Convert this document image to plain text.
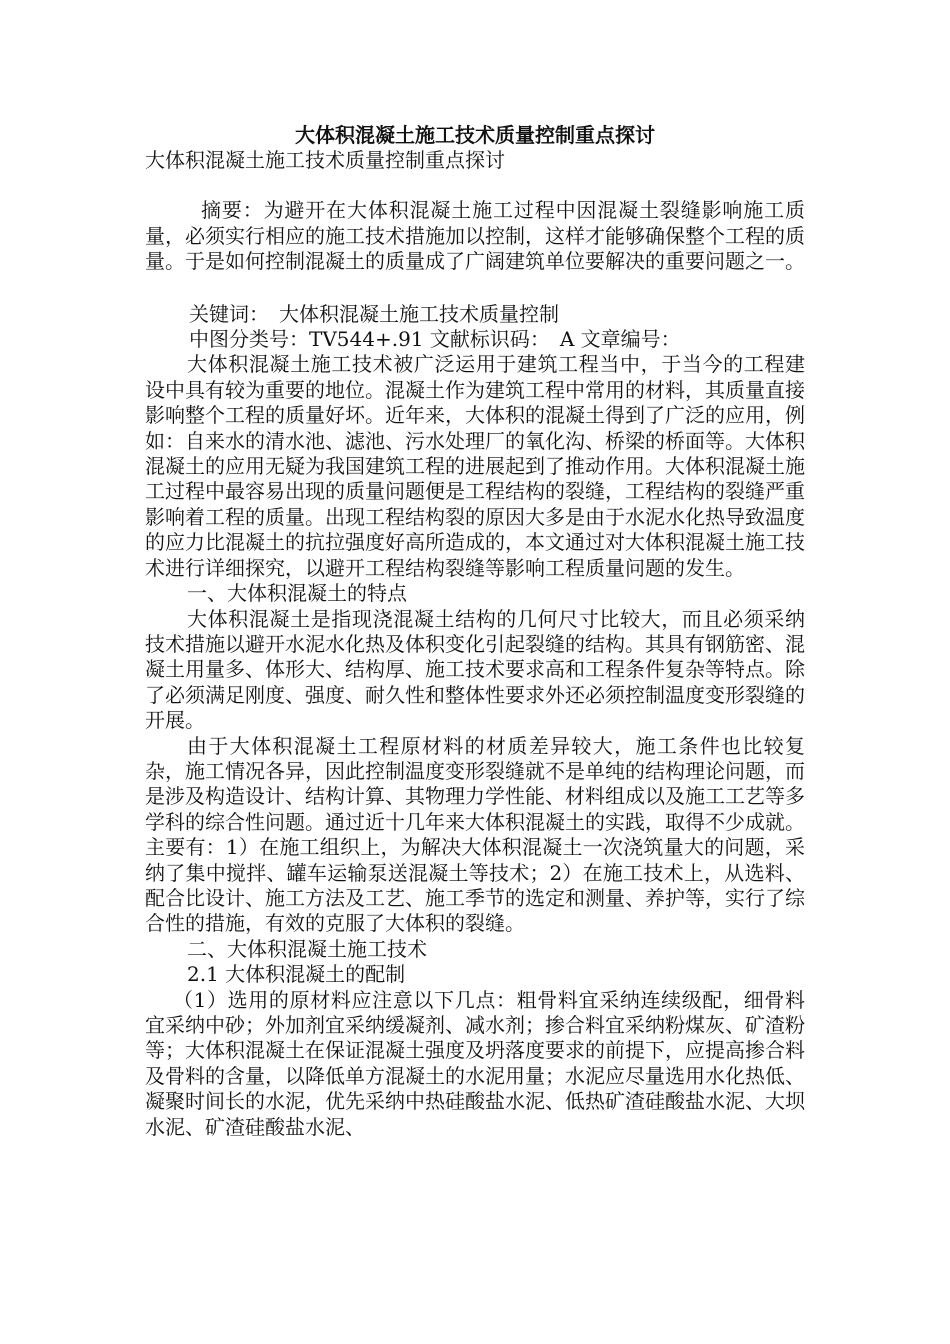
大体积混凝土施工技术质量控制重点探讨
大体积混凝土施工技术质量控制重点探讨

摘要：为避开在大体积混凝土施工过程中因混凝土裂缝影响施工质量，必须实行相应的施工技术措施加以控制，这样才能够确保整个工程的质量。于是如何控制混凝土的质量成了广阔建筑单位要解决的重要问题之一。

关键词：　大体积混凝土施工技术质量控制
中图分类号：TV544+.91 文献标识码：　A 文章编号：

大体积混凝土施工技术被广泛运用于建筑工程当中，于当今的工程建设中具有较为重要的地位。混凝土作为建筑工程中常用的材料，其质量直接影响整个工程的质量好坏。近年来，大体积的混凝土得到了广泛的应用，例如：自来水的清水池、滤池、污水处理厂的氧化沟、桥梁的桥面等。大体积混凝土的应用无疑为我国建筑工程的进展起到了推动作用。大体积混凝土施工过程中最容易出现的质量问题便是工程结构的裂缝，工程结构的裂缝严重影响着工程的质量。出现工程结构裂的原因大多是由于水泥水化热导致温度的应力比混凝土的抗拉强度好高所造成的，本文通过对大体积混凝土施工技术进行详细探究，以避开工程结构裂缝等影响工程质量问题的发生。

一、大体积混凝土的特点

大体积混凝土是指现浇混凝土结构的几何尺寸比较大，而且必须采纳技术措施以避开水泥水化热及体积变化引起裂缝的结构。其具有钢筋密、混凝土用量多、体形大、结构厚、施工技术要求高和工程条件复杂等特点。除了必须满足刚度、强度、耐久性和整体性要求外还必须控制温度变形裂缝的开展。

由于大体积混凝土工程原材料的材质差异较大，施工条件也比较复杂，施工情况各异，因此控制温度变形裂缝就不是单纯的结构理论问题，而是涉及构造设计、结构计算、其物理力学性能、材料组成以及施工工艺等多学科的综合性问题。通过近十几年来大体积混凝土的实践，取得不少成就。主要有：1）在施工组织上，为解决大体积混凝土一次浇筑量大的问题，采纳了集中搅拌、罐车运输泵送混凝土等技术；2）在施工技术上，从选料、配合比设计、施工方法及工艺、施工季节的选定和测量、养护等，实行了综合性的措施，有效的克服了大体积的裂缝。

二、大体积混凝土施工技术

2.1 大体积混凝土的配制

（1）选用的原材料应注意以下几点：粗骨料宜采纳连续级配，细骨料宜采纳中砂；外加剂宜采纳缓凝剂、减水剂；掺合料宜采纳粉煤灰、矿渣粉等；大体积混凝土在保证混凝土强度及坍落度要求的前提下，应提高掺合料及骨料的含量，以降低单方混凝土的水泥用量；水泥应尽量选用水化热低、凝聚时间长的水泥，优先采纳中热硅酸盐水泥、低热矿渣硅酸盐水泥、大坝水泥、矿渣硅酸盐水泥、
